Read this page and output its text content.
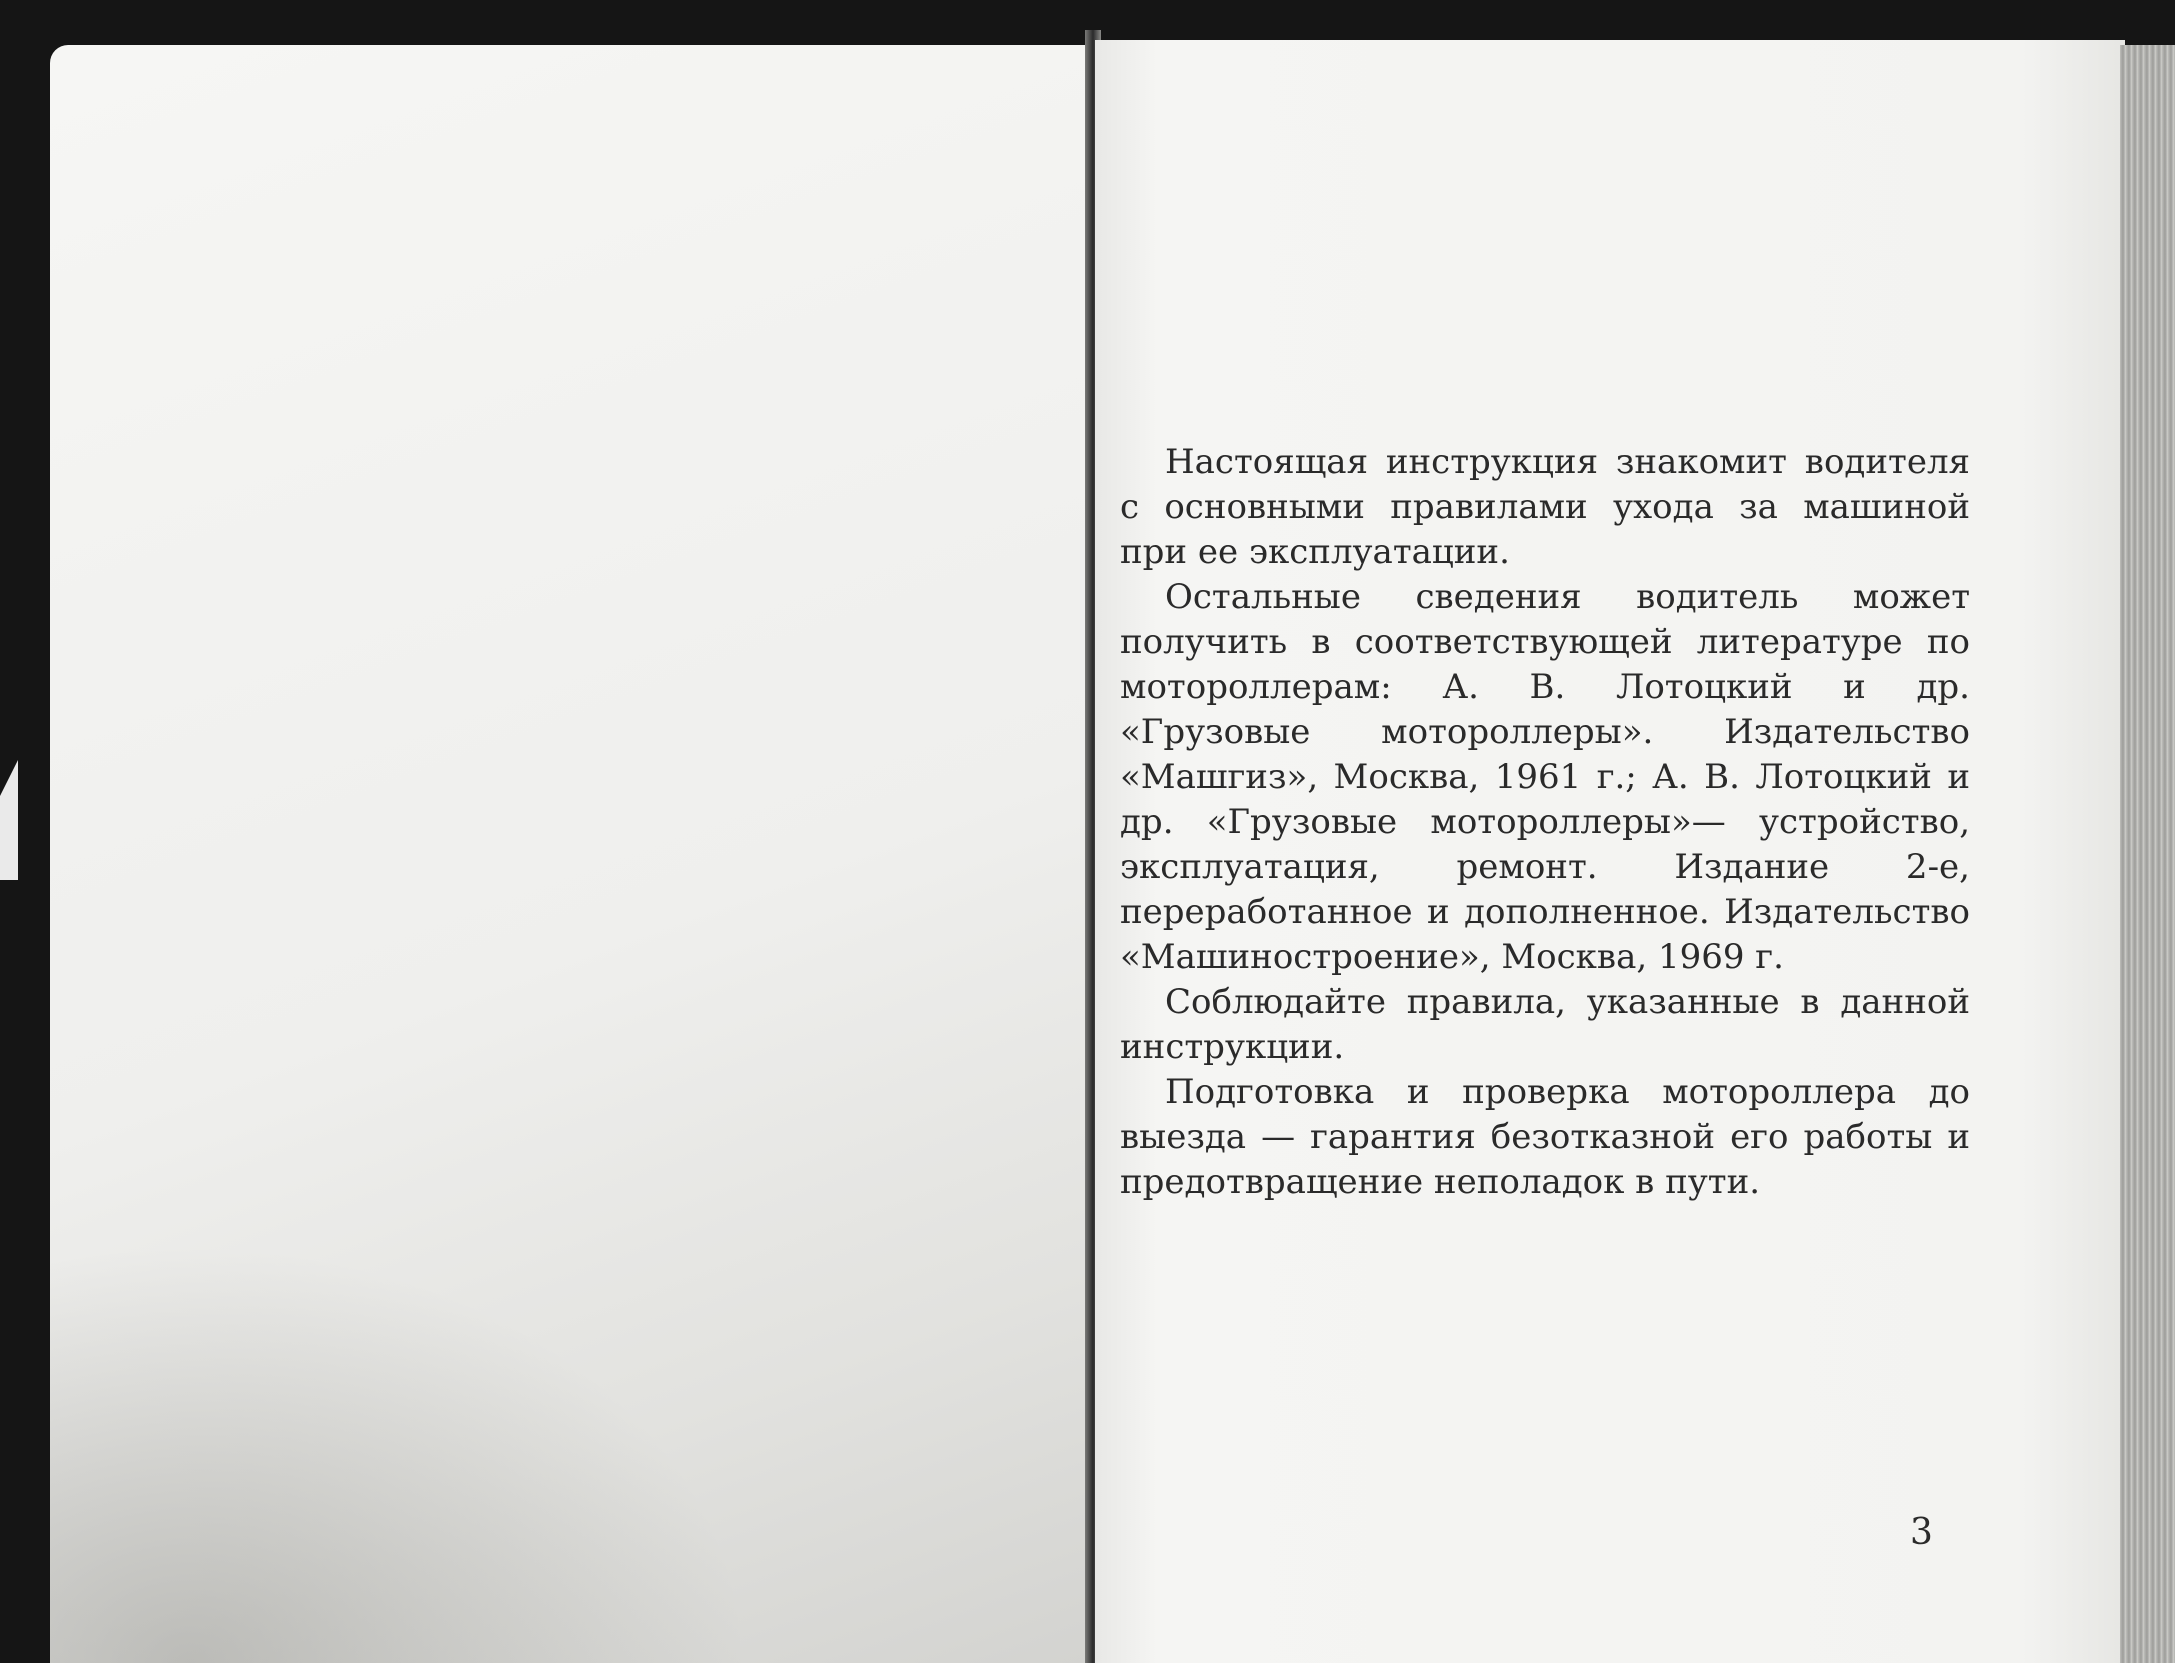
Настоящая инструкция знакомит водителя с основными правилами ухода за машиной при ее эксплуатации.

Остальные сведения водитель может получить в соответствующей литературе по мотороллерам: А. В. Лотоцкий и др. «Грузовые мотороллеры». Издательство «Машгиз», Москва, 1961 г.; А. В. Лотоцкий и др. «Грузовые мотороллеры»— устройство, эксплуатация, ремонт. Издание 2-е, переработанное и дополненное. Издательство «Машиностроение», Москва, 1969 г.

Соблюдайте правила, указанные в данной инструкции.

Подготовка и проверка мотороллера до выезда — гарантия безотказной его работы и предотвращение неполадок в пути.

3
